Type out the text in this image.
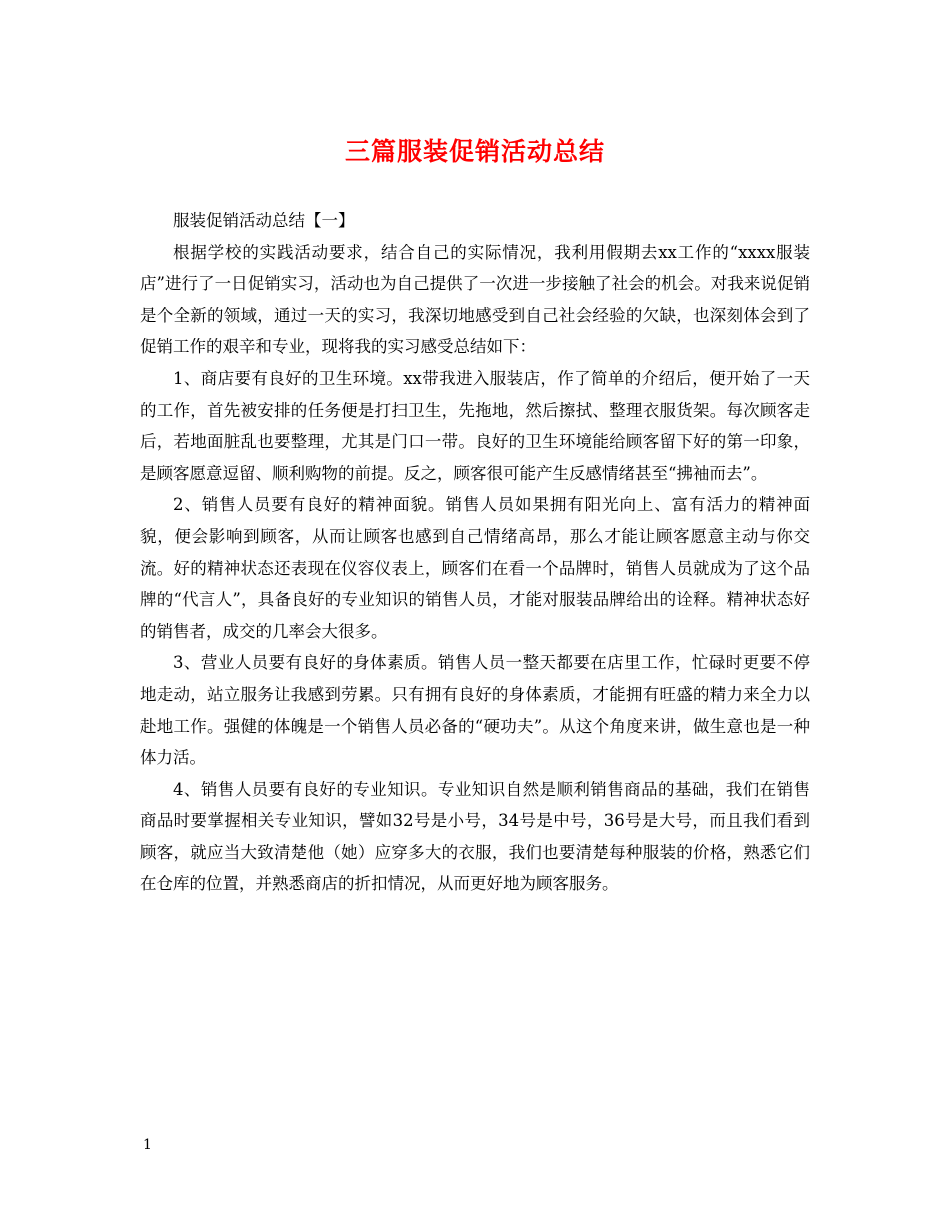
三篇服装促销活动总结

服装促销活动总结【一】

根据学校的实践活动要求，结合自己的实际情况，我利用假期去xx工作的“xxxx服装店”进行了一日促销实习，活动也为自己提供了一次进一步接触了社会的机会。对我来说促销是个全新的领域，通过一天的实习，我深切地感受到自己社会经验的欠缺，也深刻体会到了促销工作的艰辛和专业，现将我的实习感受总结如下：

1、商店要有良好的卫生环境。xx带我进入服装店，作了简单的介绍后，便开始了一天的工作，首先被安排的任务便是打扫卫生，先拖地，然后擦拭、整理衣服货架。每次顾客走后，若地面脏乱也要整理，尤其是门口一带。良好的卫生环境能给顾客留下好的第一印象，是顾客愿意逗留、顺利购物的前提。反之，顾客很可能产生反感情绪甚至“拂袖而去”。

2、销售人员要有良好的精神面貌。销售人员如果拥有阳光向上、富有活力的精神面貌，便会影响到顾客，从而让顾客也感到自己情绪高昂，那么才能让顾客愿意主动与你交流。好的精神状态还表现在仪容仪表上，顾客们在看一个品牌时，销售人员就成为了这个品牌的“代言人”，具备良好的专业知识的销售人员，才能对服装品牌给出的诠释。精神状态好的销售者，成交的几率会大很多。

3、营业人员要有良好的身体素质。销售人员一整天都要在店里工作，忙碌时更要不停地走动，站立服务让我感到劳累。只有拥有良好的身体素质，才能拥有旺盛的精力来全力以赴地工作。强健的体魄是一个销售人员必备的“硬功夫”。从这个角度来讲，做生意也是一种体力活。

4、销售人员要有良好的专业知识。专业知识自然是顺利销售商品的基础，我们在销售商品时要掌握相关专业知识，譬如32号是小号，34号是中号，36号是大号，而且我们看到顾客，就应当大致清楚他（她）应穿多大的衣服，我们也要清楚每种服装的价格，熟悉它们在仓库的位置，并熟悉商店的折扣情况，从而更好地为顾客服务。

1
